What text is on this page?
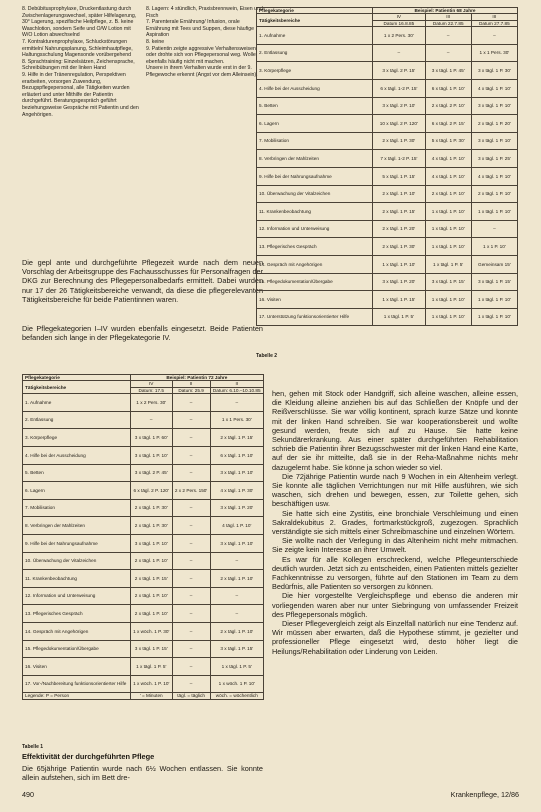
8. Debübitusprophylaxe, Druckentlastung durch Zwischenlagerungswechsel, später Hilfelagerung, 30° Lagerung, spezifische Heilpflege, z. B. keine Waschlotion, sondern Seife und O/W Lotion mit W/O Lotion abwechselnd

7. Kontrakturenprophylaxe, Schluckstörungen ermitteln/ Nahrungsplanung, Schleimhautpflege, Haltungsschulung Magensonde vorübergehend

8. Sprachtraining: Einzelsätzen, Zeichensprache, Schreibübungen mit der linken Hand

9. Hilfe in der Tränenregulation, Perspektiven erarbeiten, vorsorgen Zuwendung, Bezugspflegepersonal, alle Tätigkeiten wurden erläutert und unter Mithilfe der Patientin durchgeführt. Beratungsgespräch geführt beziehungsweise Gespräche mit Patientin und den Angehörigen.

8. Lagern: 4 stündlich, Praxisbrennwein, Eisen und Fisch

7. Parenterale Ernährung/ Infusion, orale Ernährung mit Tees und Suppen, diese häufige Aspiration

8. keine

9. Patientin zeigte aggressive Verhaltensweisen oder drohte sich von Pflegepersonal weg. Wolle ebenfalls häufig nicht mit machen.

Unsere in ihrem Verhalten wurde erst in der 9. Pflegewoche erkennt (Angst vor dem Alleinsein).

Die gepl ante und durchgeführte Pflegezeit wurde nach dem neuen Vorschlag der Arbeitsgruppe des Fachausschusses für Personalfragen der DKG zur Berechnung des Pflegepersonalbedarfs ermittelt. Dabei wurden nur 17 der 26 Tätigkeitsbereiche verwandt, da diese die pflegerelevanten Tätigkeitsbereiche für beide Patientinnen waren.

Die Pflegekategorien I–IV wurden ebenfalls eingesetzt. Beide Patienten befanden sich lange in der Pflegekategorie IV.

Pflegekategorie	Beispiel: Patientin 68 Jahre		
Tätigkeitsbereiche	IV	III	III
	Datum 16.8.85	Datum 22.7.85	Datum 27.7.85
1. Aufnahme	1 x 2 Pers. 30'	–	–
2. Entlassung	–	–	1 x 1 Pers. 30'
3. Körperpflege	3 x tägl. 2 P. 15'	3 x tägl. 1 P. 45'	3 x tägl. 1 P. 30'
4. Hilfe bei der Ausscheidung	6 x tägl. 1-2 P. 15'	6 x tägl. 1 P. 10'	4 x tägl. 1 P. 10'
5. Betten	3 x tägl. 2 P. 10'	2 x tägl. 2 P. 10'	3 x tägl. 1 P. 10'
6. Lagern	10 x tägl. 2 P. 120'	6 x tägl. 2 P. 15'	2 x tägl. 1 P. 20'
7. Mobilisation	2 x tägl. 1 P. 30'	5 x tägl. 1 P. 30'	3 x tägl. 1 P. 10'
8. Verbringen der Mahlzeiten	7 x tägl. 1-2 P. 15'	4 x tägl. 1 P. 10'	3 x tägl. 1 P. 25'
9. Hilfe bei der Nahrungsaufnahme	5 x tägl. 1 P. 15'	4 x tägl. 1 P. 10'	4 x tägl. 1 P. 10'
10. Überwachung der Vitalzeichen	2 x tägl. 1 P. 10'	2 x tägl. 1 P. 10'	2 x tägl. 1 P. 10'
11. Krankenbeobachtung	2 x tägl. 1 P. 15'	1 x tägl. 1 P. 10'	1 x tägl. 1 P. 10'
12. Information und Unterweisung	2 x tägl. 1 P. 20'	1 x tägl. 1 P. 10'	–
13. Pflegerisches Gespräch	2 x tägl. 1 P. 30'	1 x tägl. 1 P. 10'	1 x 1 P. 10'
14. Gespräch mit Angehörigen	1 x tägl. 1 P. 10'	1 x tägl. 1 P. 5'	Gemeinsam 15'
15. Pflegedokumentation/Übergabe	3 x tägl. 1 P. 20'	3 x tägl. 1 P. 15'	3 x tägl. 1 P. 15'
16. Visiten	1 x tägl. 1 P. 15'	1 x tägl. 1 P. 10'	1 x tägl. 1 P. 10'
17. Unterstützung funktionsorientierter Hilfe	1 x tägl. 1 P. 5'	1 x tägl. 1 P. 10'	1 x tägl. 1 P. 10'

Tabelle 2

Pflegekategorie	Beispiel: Patientin 72 Jahre		
Tätigkeitsbereiche	IV	II	II
	Datum: 17.5	Datum: 25.9	Datum: 6.10.–10.10.85
1. Aufnahme	1 x 2 Pers. 30'	–	–
2. Entlassung	–	–	1 x 1 Pers. 30'
3. Körperpflege	3 x tägl. 1 P. 60'	–	2 x tägl. 1 P. 15'
4. Hilfe bei der Ausscheidung	3 x tägl. 1 P. 10'	–	6 x tägl. 1 P. 10'
5. Betten	3 x tägl. 2 P. 45'	–	3 x tägl. 1 P. 10'
6. Lagern	6 x tägl. 2 P. 120'	2 x 2 Pers. 150'	4 x tägl. 1 P. 30'
7. Mobilisation	2 x tägl. 1 P. 30'	–	3 x tägl. 1 P. 20'
8. Verbringen der Mahlzeiten	2 x tägl. 1 P. 30'	–	4 tägl. 1 P. 10'
9. Hilfe bei der Nahrungsaufnahme	3 x tägl. 1 P. 10'	–	3 x tägl. 1 P. 10'
10. Überwachung der Vitalzeichen	2 x tägl. 1 P. 10'	–	–
11. Krankenbeobachtung	2 x tägl. 1 P. 15'	–	2 x tägl. 1 P. 10'
12. Information und Unterweisung	2 x tägl. 1 P. 10'	–	–
13. Pflegerisches Gespräch	2 x tägl. 1 P. 10'	–	–
14. Gespräch mit Angehörigen	1 x wöch. 1 P. 30'	–	2 x tägl. 1 P. 10'
15. Pflegedokumentation/Übergabe	3 x tägl. 1 P. 15'	–	3 x tägl. 1 P. 15'
16. Visiten	1 x tägl. 1 P. 5'	–	1 x tägl. 1 P. 5'
17. Vor-/Nachbereitung funktionsorientierter Hilfe	1 x wöch. 1 P. 10'	–	1 x wöch. 1 P. 10'
Legende: P = Person	' = Minuten	tägl. = täglich	wöch. = wöchentlich

Tabelle 1

Effektivität der durchgeführten Pflege

Die 65jährige Patientin wurde nach 6½ Wochen entlassen. Sie konnte allein aufstehen, sich im Bett dre-

hen, gehen mit Stock oder Handgriff, sich alleine waschen, alleine essen, die Kleidung alleine anziehen bis auf das Schließen der Knöpfe und der Reißverschlüsse. Sie war völlig kontinent, sprach kurze Sätze und konnte mit der linken Hand schreiben. Sie war kooperationsbereit und wollte gesund werden, freute sich auf zu Hause. Sie hatte keine Sekundärerkrankung. Aus einer später durchgeführten Rehabilitation schrieb die Patientin ihrer Bezugsschwester mit der linken Hand eine Karte, auf der sie ihr mitteilte, daß sie in der Reha-Maßnahme nichts mehr dazugelernt habe. Sie könne ja schon wieder so viel.

Die 72jährige Patientin wurde nach 9 Wochen in ein Altenheim verlegt. Sie konnte alle täglichen Verrichtungen nur mit Hilfe ausführen, wie sich waschen, sich drehen und bewegen, essen, zur Toilette gehen, sich beschäftigen usw.

Sie hatte sich eine Zystitis, eine bronchiale Verschleimung und einen Sakraldekubitus 2. Grades, fortmarkstückgroß, zugezogen. Sprachlich verständigte sie sich mittels einer Schreibmaschine und einzelnen Wörtern.

Sie wollte nach der Verlegung in das Altenheim nicht mehr mitmachen. Sie zeigte kein Interesse an ihrer Umwelt.

Es war für alle Kollegen erschreckend, welche Pflegeunterschiede deutlich wurden. Jetzt sich zu entscheiden, einen Patienten mittels gezielter Fachkenntnisse zu versorgen, führte auf den Stationen im Team zu dem Bedürfnis, alle Patienten so versorgen zu können.

Die hier vorgestellte Vergleichspflege und ebenso die anderen mir vorliegenden waren aber nur unter Siebringung von umfassender Freizeit des Pflegepersonals möglich.

Dieser Pflegevergleich zeigt als Einzelfall natürlich nur eine Tendenz auf. Wir müssen aber erwarten, daß die Hypothese stimmt, je gezielter und professioneller Pflege eingesetzt wird, desto höher liegt die Heilungs/Rehabilitation oder Linderung von Leiden.

490	Krankenpflege, 12/86
